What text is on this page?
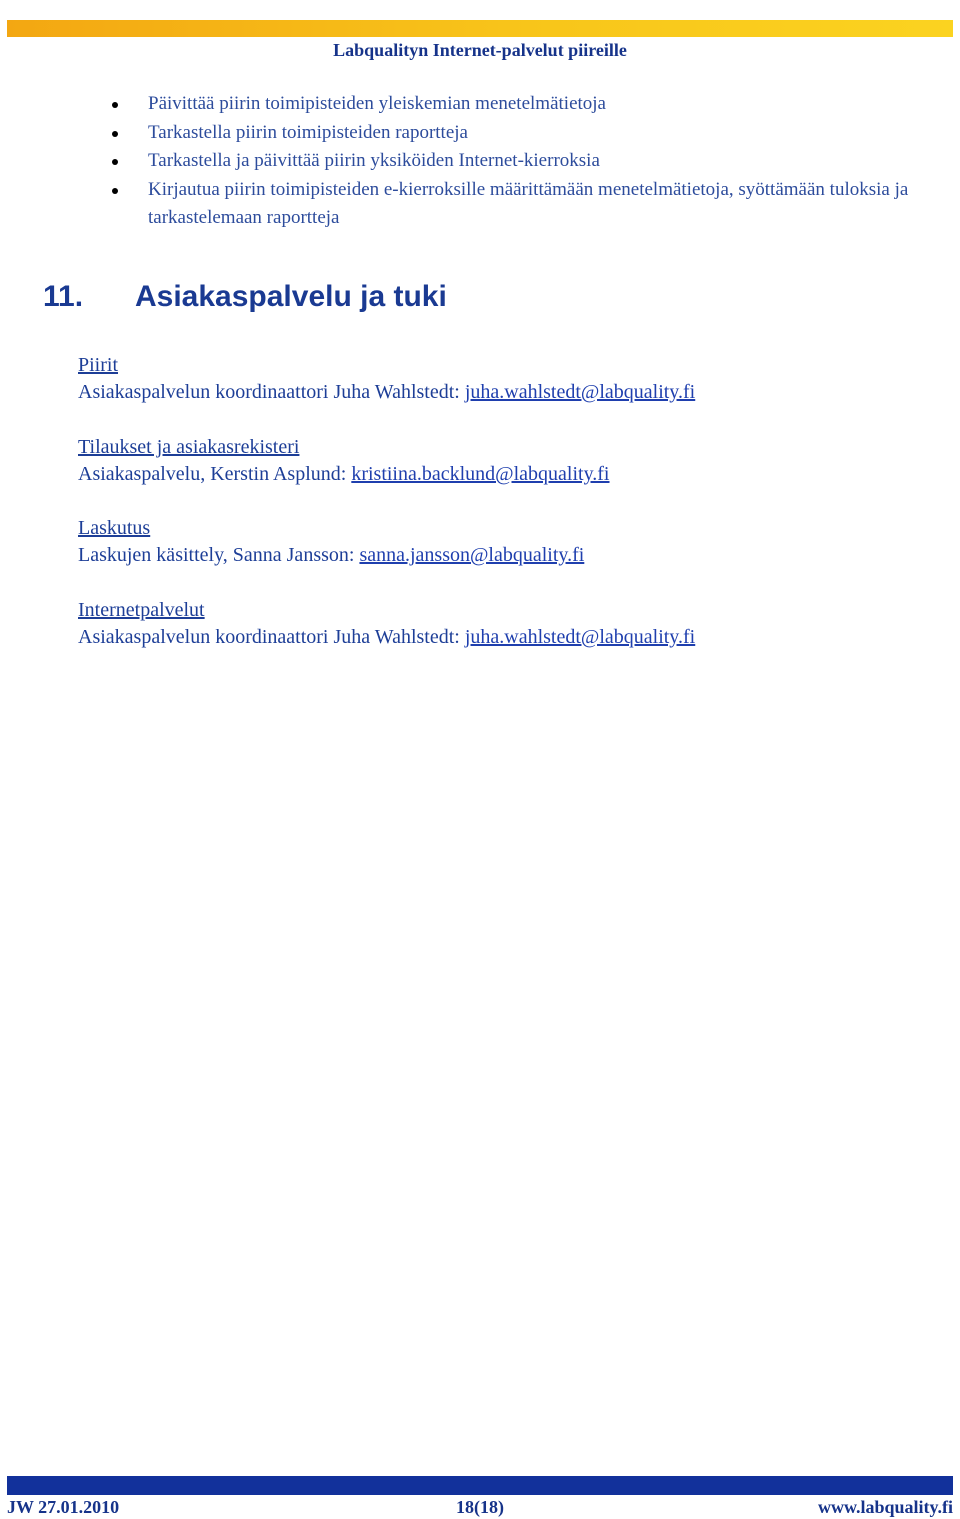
Labqualityn Internet-palvelut piireille
Päivittää piirin toimipisteiden yleiskemian menetelmätietoja
Tarkastella piirin toimipisteiden raportteja
Tarkastella ja päivittää piirin yksiköiden Internet-kierroksia
Kirjautua piirin toimipisteiden e-kierroksille määrittämään menetelmätietoja, syöttämään tuloksia ja tarkastelemaan raportteja
11. Asiakaspalvelu ja tuki
Piirit
Asiakaspalvelun koordinaattori Juha Wahlstedt: juha.wahlstedt@labquality.fi
Tilaukset ja asiakasrekisteri
Asiakaspalvelu, Kerstin Asplund: kristiina.backlund@labquality.fi
Laskutus
Laskujen käsittely, Sanna Jansson: sanna.jansson@labquality.fi
Internetpalvelut
Asiakaspalvelun koordinaattori Juha Wahlstedt: juha.wahlstedt@labquality.fi
JW 27.01.2010	18(18)	www.labquality.fi
